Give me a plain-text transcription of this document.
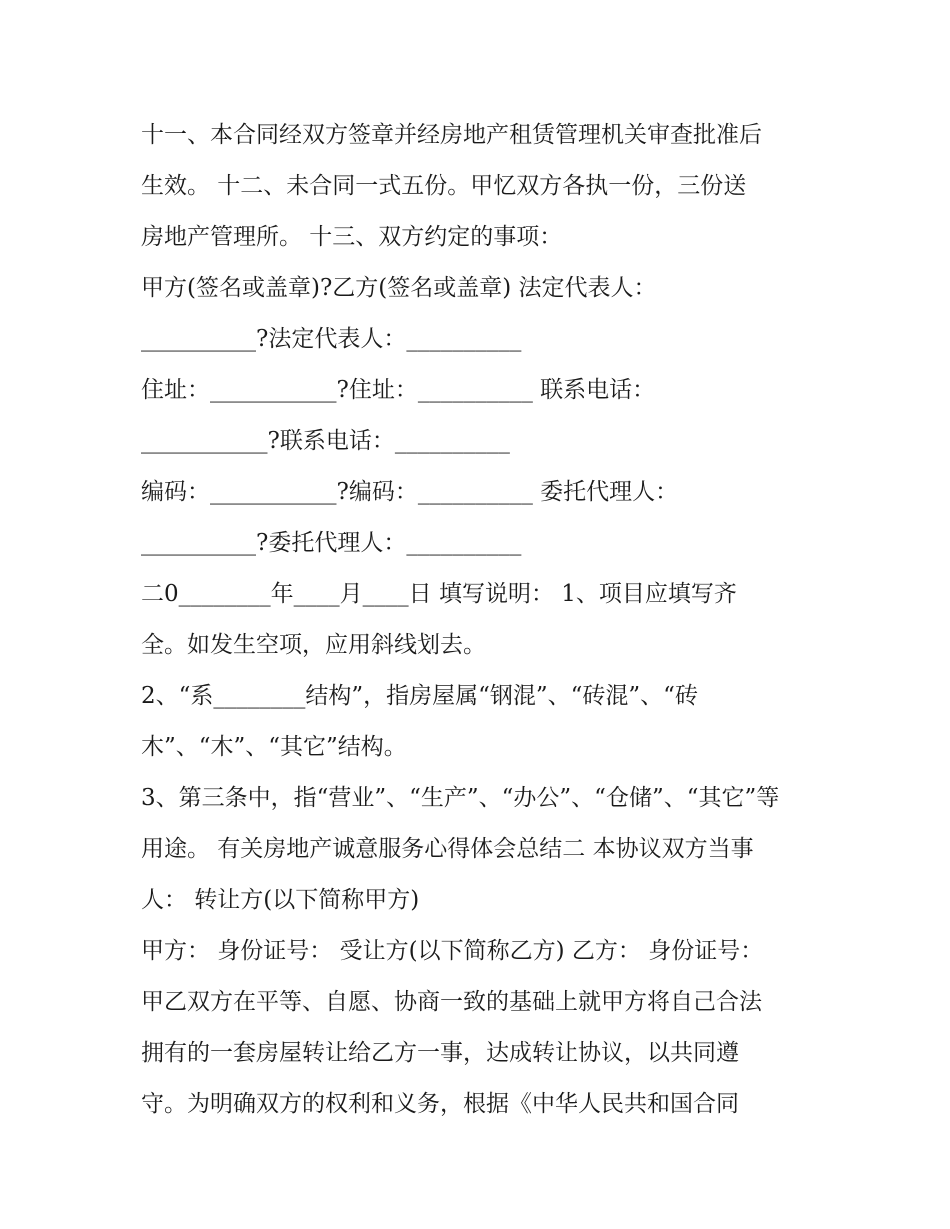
十一、本合同经双方签章并经房地产租赁管理机关审查批准后
生效。 十二、未合同一式五份。甲忆双方各执一份，三份送
房地产管理所。 十三、双方约定的事项：
甲方(签名或盖章)?乙方(签名或盖章) 法定代表人：
__________?法定代表人：__________
住址：___________?住址：__________ 联系电话：
___________?联系电话：__________
编码：___________?编码：__________ 委托代理人：
__________?委托代理人：__________
二0________年____月____日 填写说明： 1、项目应填写齐
全。如发生空项，应用斜线划去。
2、“系________结构”，指房屋属“钢混”、“砖混”、“砖
木”、“木”、“其它”结构。
3、第三条中，指“营业”、“生产”、“办公”、“仓储”、“其它”等
用途。 有关房地产诚意服务心得体会总结二 本协议双方当事
人： 转让方(以下简称甲方)
甲方： 身份证号： 受让方(以下简称乙方) 乙方： 身份证号：
甲乙双方在平等、自愿、协商一致的基础上就甲方将自己合法
拥有的一套房屋转让给乙方一事，达成转让协议，以共同遵
守。为明确双方的权利和义务，根据《中华人民共和国合同
